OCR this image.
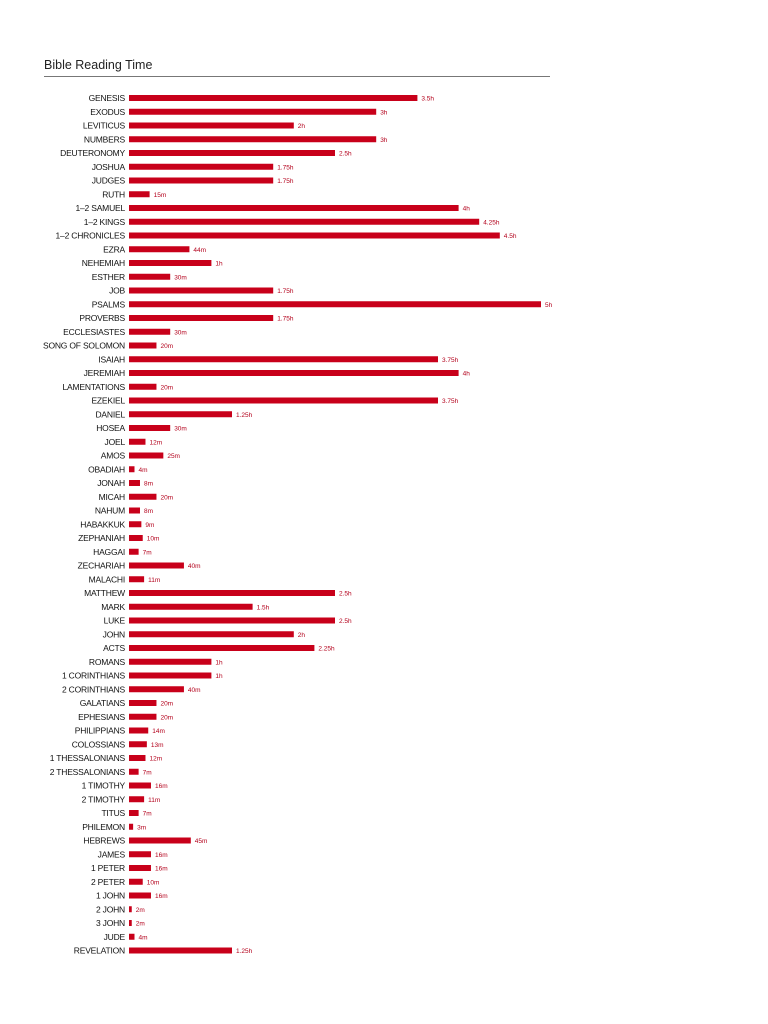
Bible Reading Time
GENESIS	3.5h
EXODUS	3h
LEVITICUS	2h
NUMBERS	3h
DEUTERONOMY	2.5h
JOSHUA	1.75h
JUDGES	1.75h
RUTH	15m
1–2 SAMUEL	4h
1–2 KINGS	4.25h
1–2 CHRONICLES	4.5h
EZRA	44m
NEHEMIAH	1h
ESTHER	30m
JOB	1.75h
PSALMS	5h
PROVERBS	1.75h
ECCLESIASTES	30m
SONG OF SOLOMON	20m
ISAIAH	3.75h
JEREMIAH	4h
LAMENTATIONS	20m
EZEKIEL	3.75h
DANIEL	1.25h
HOSEA	30m
JOEL	12m
AMOS	25m
OBADIAH 4m
JONAH	8m
MICAH	20m
NAHUM	8m
HABAKKUK	9m
ZEPHANIAH	10m
HAGGAI	7m
ZECHARIAH	40m
MALACHI	11m
MATTHEW	2.5h
MARK	1.5h
LUKE	2.5h
JOHN	2h
ACTS	2.25h
ROMANS	1h
1 CORINTHIANS	1h
2 CORINTHIANS	40m
GALATIANS	20m
EPHESIANS	20m
PHILIPPIANS	14m
COLOSSIANS	13m
1 THESSALONIANS	12m
2 THESSALONIANS	7m
1 TIMOTHY	16m
2 TIMOTHY	11m
TITUS	7m
PHILEMON 3m
HEBREWS	45m
JAMES	16m
1 PETER	16m
2 PETER	10m
1 JOHN	16m
2 JOHN 2m
3 JOHN 2m
JUDE 4m
REVELATION	1.25h
